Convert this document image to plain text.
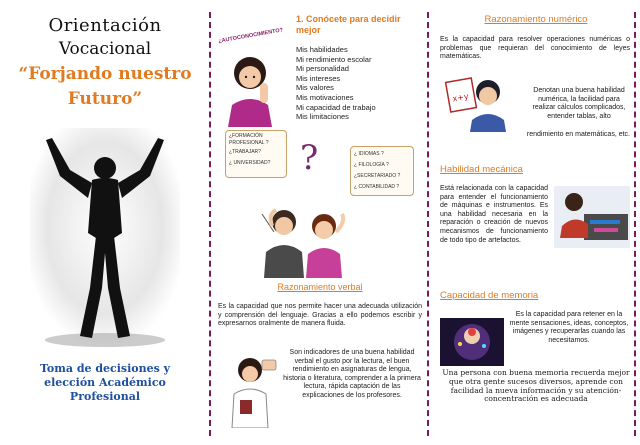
Orientación
Vocacional
“Forjando nuestro
Futuro”
Toma de decisiones y elección Académico Profesional
¿AUTOCONOCIMIENTO?
1. Conócete para decidir mejor
Mis habilidades
Mi rendimiento escolar
Mi personalidad
Mis intereses
Mis valores
Mis motivaciones
Mi capacidad de trabajo
Mis limitaciones
¿FORMACIÓN PROFESIONAL ?
¿TRABAJAR?
¿ UNIVERSIDAD?
¿ IDIOMAS ?
¿ FILOLOGÍA ?
¿SECRETARIADO ?
¿ CONTABILIDAD ?
?
Razonamiento verbal
Es la capacidad que nos permite hacer una adecuada utilización y comprensión del lenguaje. Gracias a ello podemos escribir y expresarnos oralmente de manera fluida.
Son indicadores de una buena habilidad verbal el gusto por la lectura, el buen rendimiento en asignaturas de lengua, historia o literatura, comprender a la primera lectura, rápida captación de las explicaciones de los profesores.
Razonamiento numérico
Es la capacidad para resolver operaciones numéricas o problemas que requieran del conocimiento de leyes matemáticas.
x+y
Denotan una buena habilidad numérica, la facilidad para realizar cálculos complicados, entender tablas, alto
rendimiento en matemáticas, etc.
Habilidad mecánica
Está relacionada con la capacidad para entender el funcionamiento de máquinas e instrumentos. Es una habilidad necesaria en la reparación o creación de nuevos mecanismos de funcionamiento de todo tipo de artefactos.
Capacidad de memoria
Es la capacidad para retener en la mente sensaciones, ideas, conceptos, imágenes y recuperarlas cuando las necesitamos.
Una persona con buena memoria recuerda mejor que otra gente sucesos diversos, aprende con facilidad la nueva información y su atención-concentración es adecuada
